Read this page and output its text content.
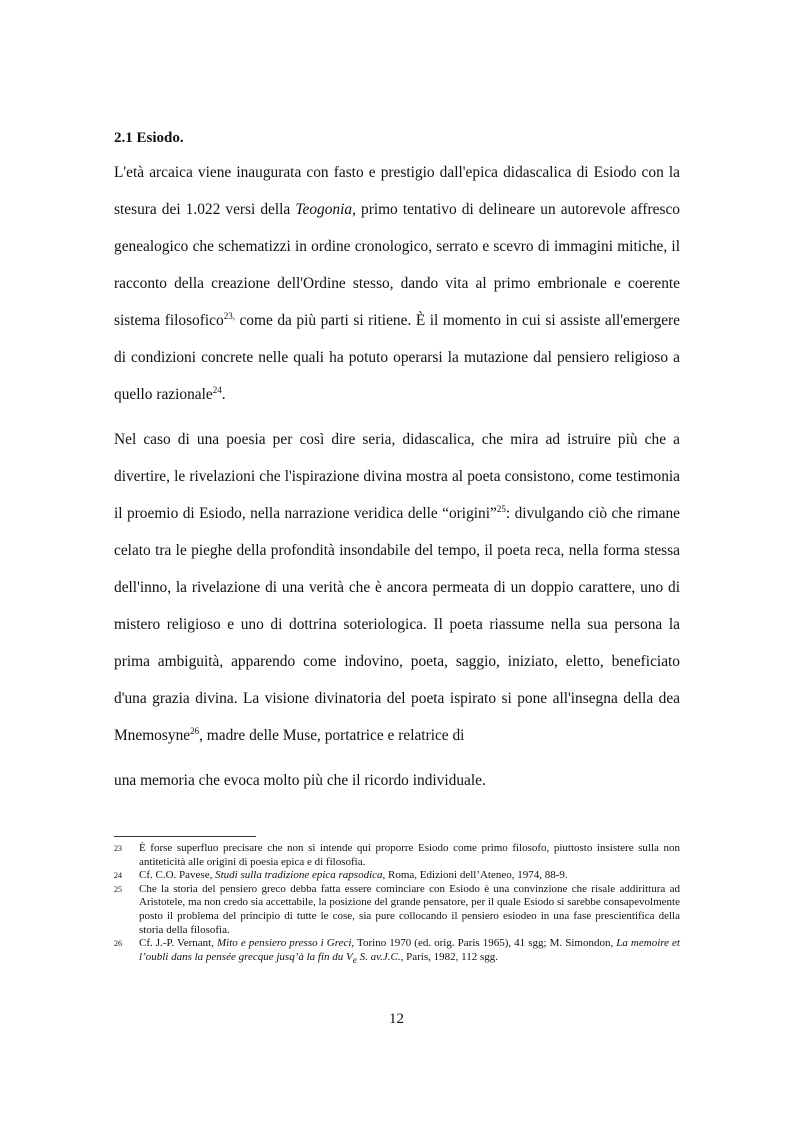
2.1 Esiodo.

L'età arcaica viene inaugurata con fasto e prestigio dall'epica didascalica di Esiodo con la stesura dei 1.022 versi della Teogonia, primo tentativo di delineare un autorevole affresco genealogico che schematizzi in ordine cronologico, serrato e scevro di immagini mitiche, il racconto della creazione dell'Ordine stesso, dando vita al primo embrionale e coerente sistema filosofico$^{23,}$ come da più parti si ritiene. È il momento in cui si assiste all'emergere di condizioni concrete nelle quali ha potuto operarsi la mutazione dal pensiero religioso a quello razionale$^{24}$.

Nel caso di una poesia per così dire seria, didascalica, che mira ad istruire più che a divertire, le rivelazioni che l'ispirazione divina mostra al poeta consistono, come testimonia il proemio di Esiodo, nella narrazione veridica delle “origini”$^{25}$: divulgando ciò che rimane celato tra le pieghe della profondità insondabile del tempo, il poeta reca, nella forma stessa dell'inno, la rivelazione di una verità che è ancora permeata di un doppio carattere, uno di mistero religioso e uno di dottrina soteriologica. Il poeta riassume nella sua persona la prima ambiguità, apparendo come indovino, poeta, saggio, iniziato, eletto, beneficiato d'una grazia divina. La visione divinatoria del poeta ispirato si pone all'insegna della dea Mnemosyne$^{26}$, madre delle Muse, portatrice e relatrice di
una memoria che evoca molto più che il ricordo individuale.

23	È forse superfluo precisare che non si intende qui proporre Esiodo come primo filosofo, piuttosto insistere sulla non antiteticità alle origini di poesia epica e di filosofia.
24	Cf. C.O. Pavese, Studi sulla tradizione epica rapsodica, Roma, Edizioni dell’Ateneo, 1974, 88-9.
25	Che la storia del pensiero greco debba fatta essere cominciare con Esiodo è una convinzione che risale addirittura ad Aristotele, ma non credo sia accettabile, la posizione del grande pensatore, per il quale Esiodo si sarebbe consapevolmente posto il problema del principio di tutte le cose, sia pure collocando il pensiero esiodeo in una fase prescientifica della storia della filosofia.
26	Cf. J.-P. Vernant, Mito e pensiero presso i Greci, Torino 1970 (ed. orig. Paris 1965), 41 sgg; M. Simondon, La memoire et l’oubli dans la pensée grecque jusq’à la fin du $V_e$ S. av.J.C., Paris, 1982, 112 sgg.
12
